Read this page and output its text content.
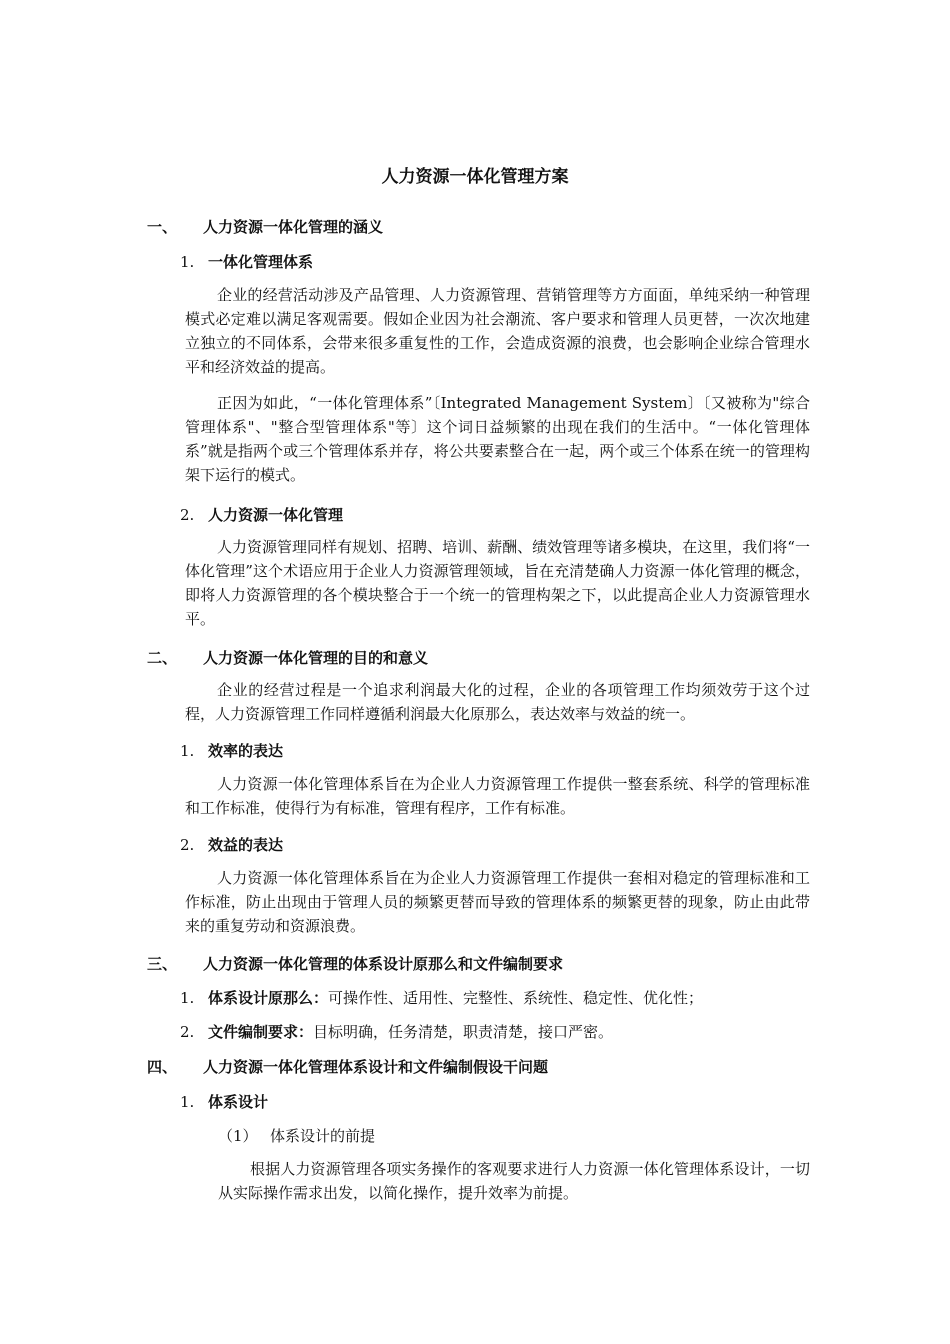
人力资源一体化管理方案
一、 人力资源一体化管理的涵义
1. 一体化管理体系

企业的经营活动涉及产品管理、人力资源管理、营销管理等方方面面，单纯采纳一种管理模式必定难以满足客观需要。假如企业因为社会潮流、客户要求和管理人员更替，一次次地建立独立的不同体系，会带来很多重复性的工作，会造成资源的浪费，也会影响企业综合管理水平和经济效益的提高。

正因为如此，“一体化管理体系”〔Integrated Management System〕〔又被称为"综合管理体系"、"整合型管理体系"等〕这个词日益频繁的出现在我们的生活中。“一体化管理体系”就是指两个或三个管理体系并存，将公共要素整合在一起，两个或三个体系在统一的管理构架下运行的模式。

2. 人力资源一体化管理

人力资源管理同样有规划、招聘、培训、薪酬、绩效管理等诸多模块，在这里，我们将“一体化管理”这个术语应用于企业人力资源管理领域，旨在充清楚确人力资源一体化管理的概念，即将人力资源管理的各个模块整合于一个统一的管理构架之下，以此提高企业人力资源管理水平。

二、 人力资源一体化管理的目的和意义

企业的经营过程是一个追求利润最大化的过程，企业的各项管理工作均须效劳于这个过程，人力资源管理工作同样遵循利润最大化原那么，表达效率与效益的统一。

1. 效率的表达

人力资源一体化管理体系旨在为企业人力资源管理工作提供一整套系统、科学的管理标准和工作标准，使得行为有标准，管理有程序，工作有标准。

2. 效益的表达

人力资源一体化管理体系旨在为企业人力资源管理工作提供一套相对稳定的管理标准和工作标准，防止出现由于管理人员的频繁更替而导致的管理体系的频繁更替的现象，防止由此带来的重复劳动和资源浪费。

三、 人力资源一体化管理的体系设计原那么和文件编制要求
1. 体系设计原那么：可操作性、适用性、完整性、系统性、稳定性、优化性；
2. 文件编制要求：目标明确，任务清楚，职责清楚，接口严密。
四、 人力资源一体化管理体系设计和文件编制假设干问题
1. 体系设计
（1） 体系设计的前提

根据人力资源管理各项实务操作的客观要求进行人力资源一体化管理体系设计，一切从实际操作需求出发，以简化操作，提升效率为前提。
